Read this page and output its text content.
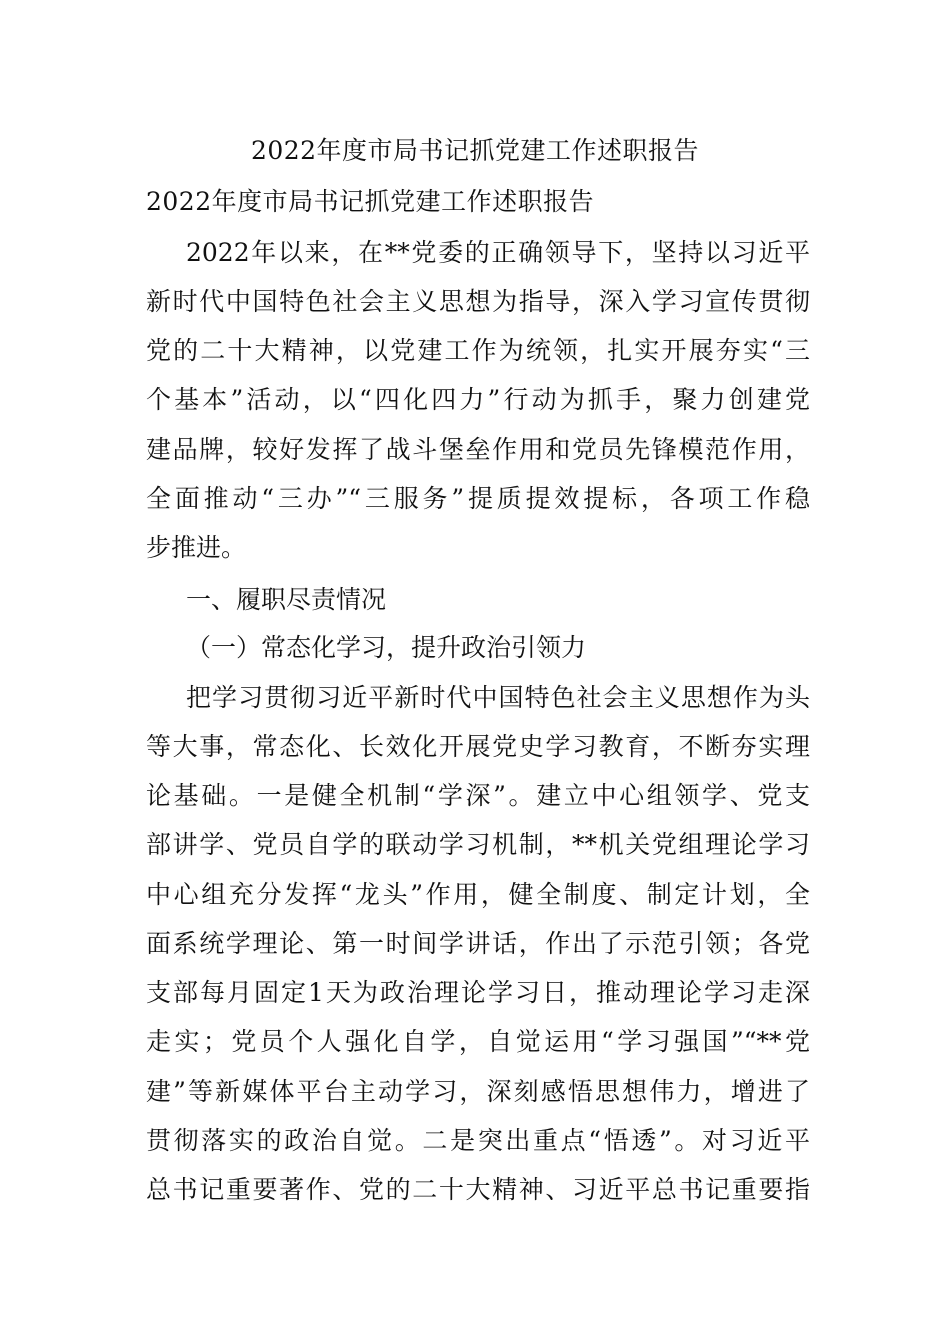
2022年度市局书记抓党建工作述职报告
2022年度市局书记抓党建工作述职报告

2022年以来，在**党委的正确领导下，坚持以习近平

新时代中国特色社会主义思想为指导，深入学习宣传贯彻

党的二十大精神，以党建工作为统领，扎实开展夯实“三

个基本”活动，以“四化四力”行动为抓手，聚力创建党

建品牌，较好发挥了战斗堡垒作用和党员先锋模范作用，

全面推动“三办”“三服务”提质提效提标，各项工作稳

步推进。

一、履职尽责情况

（一）常态化学习，提升政治引领力

把学习贯彻习近平新时代中国特色社会主义思想作为头

等大事，常态化、长效化开展党史学习教育，不断夯实理

论基础。一是健全机制“学深”。建立中心组领学、党支

部讲学、党员自学的联动学习机制，**机关党组理论学习

中心组充分发挥“龙头”作用，健全制度、制定计划，全

面系统学理论、第一时间学讲话，作出了示范引领；各党

支部每月固定1天为政治理论学习日，推动理论学习走深

走实；党员个人强化自学，自觉运用“学习强国”“**党

建”等新媒体平台主动学习，深刻感悟思想伟力，增进了

贯彻落实的政治自觉。二是突出重点“悟透”。对习近平

总书记重要著作、党的二十大精神、习近平总书记重要指
